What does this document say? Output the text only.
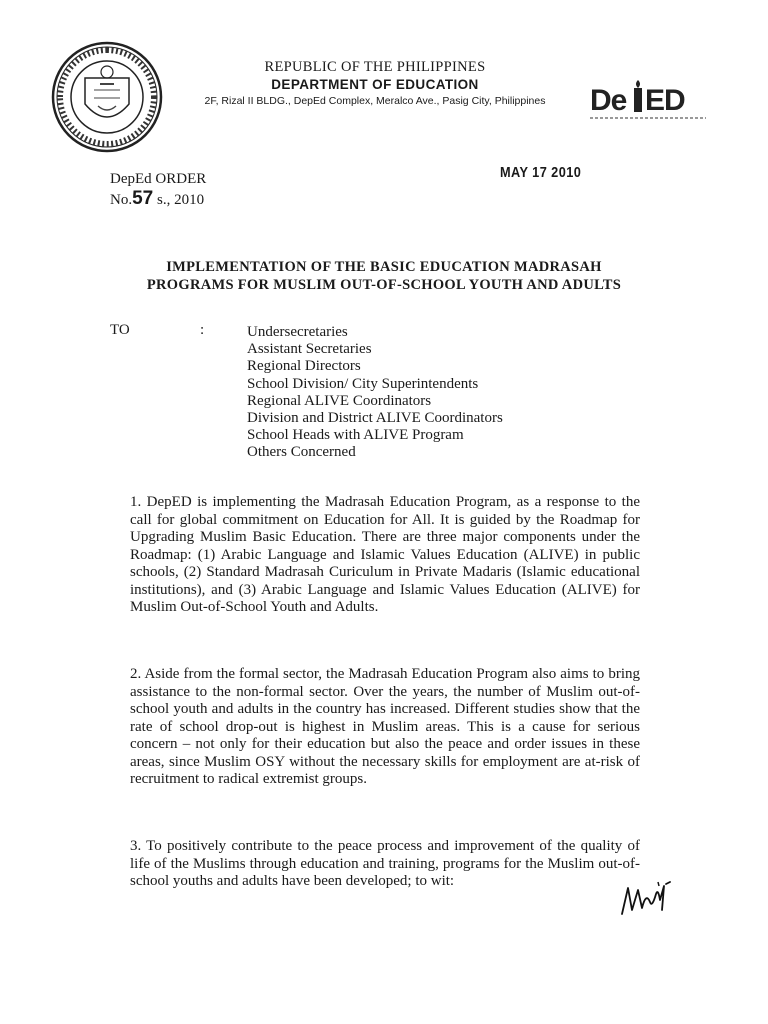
REPUBLIC OF THE PHILIPPINES
DEPARTMENT OF EDUCATION
2F, Rizal II BLDG., DepEd Complex, Meralco Ave., Pasig City, Philippines	De ED
DepEd ORDER
No.57 s., 2010
MAY 17 2010
IMPLEMENTATION OF THE BASIC EDUCATION MADRASAH
PROGRAMS FOR MUSLIM OUT-OF-SCHOOL YOUTH AND ADULTS
TO	:	Undersecretaries
Assistant Secretaries
Regional Directors
School Division/ City Superintendents
Regional ALIVE Coordinators
Division and District ALIVE Coordinators
School Heads with ALIVE Program
Others Concerned

1. DepED is implementing the Madrasah Education Program, as a response to the call for global commitment on Education for All. It is guided by the Roadmap for Upgrading Muslim Basic Education. There are three major components under the Roadmap: (1) Arabic Language and Islamic Values Education (ALIVE) in public schools, (2) Standard Madrasah Curiculum in Private Madaris (Islamic educational institutions), and (3) Arabic Language and Islamic Values Education (ALIVE) for Muslim Out-of-School Youth and Adults.

2. Aside from the formal sector, the Madrasah Education Program also aims to bring assistance to the non-formal sector. Over the years, the number of Muslim out-of-school youth and adults in the country has increased. Different studies show that the rate of school drop-out is highest in Muslim areas. This is a cause for serious concern – not only for their education but also the peace and order issues in these areas, since Muslim OSY without the necessary skills for employment are at-risk of recruitment to radical extremist groups.

3. To positively contribute to the peace process and improvement of the quality of life of the Muslims through education and training, programs for the Muslim out-of-school youths and adults have been developed; to wit:
